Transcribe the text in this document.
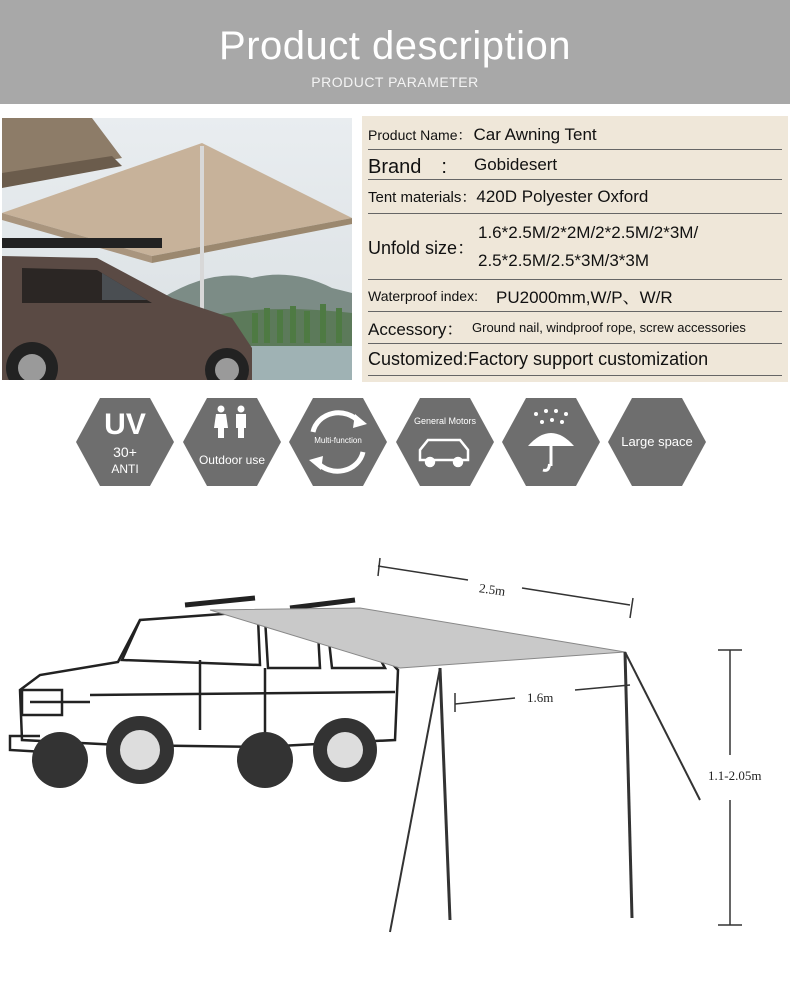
Product description
PRODUCT PARAMETER
Product Name： Car Awning Tent
Brand　:	Gobidesert
Tent materials： 420D Polyester Oxford
Unfold size：
1.6*2.5M/2*2M/2*2.5M/2*3M/
2.5*2.5M/2.5*3M/3*3M
Waterproof index:	PU2000mm,W/P、W/R
Accessory： Ground nail, windproof rope, screw accessories
Customized: Factory support customization
UV
30+
ANTI
Outdoor use
Multi-function
General Motors
Large space
2.5m
1.6m
1.1-2.05m
